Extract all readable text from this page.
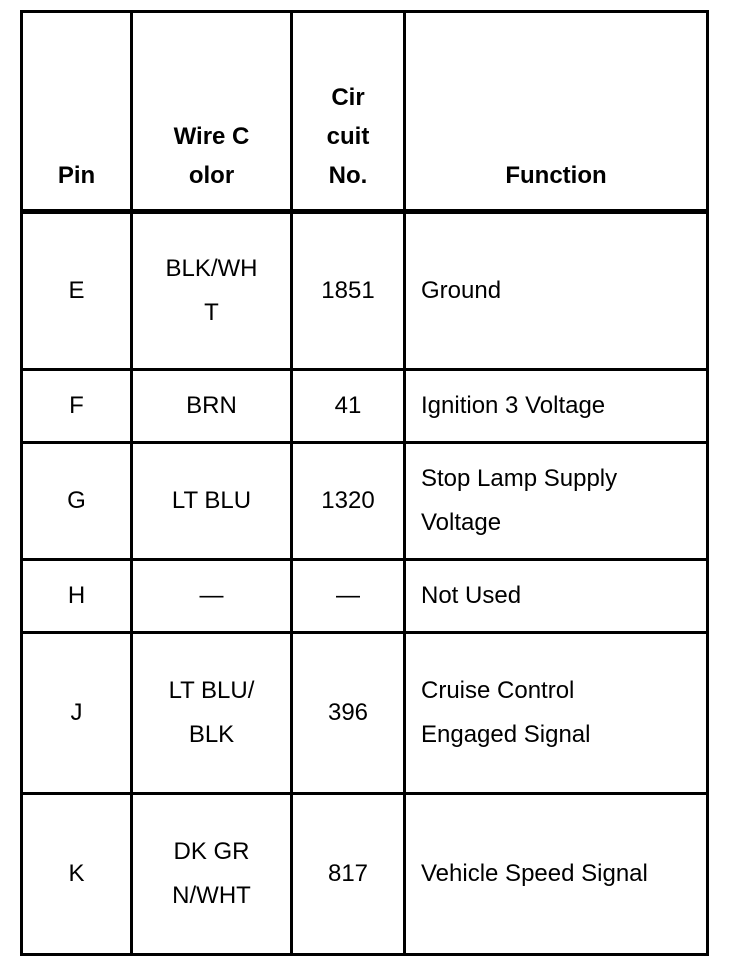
Pin	Wire Color	Cir cuit No.	Function
E	BLK/WHT	1851	Ground
F	BRN	41	Ignition 3 Voltage
G	LT BLU	1320	Stop Lamp Supply Voltage
H	—	—	Not Used
J	LT BLU/BLK	396	Cruise Control Engaged Signal
K	DK GRN/WHT	817	Vehicle Speed Signal
